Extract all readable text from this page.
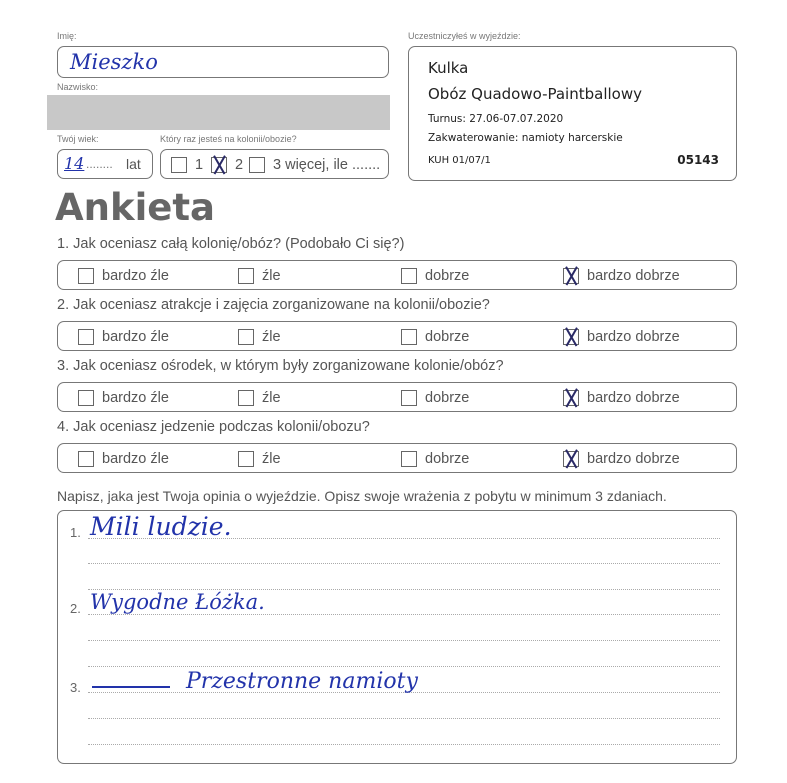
Imię:
Mieszko
Nazwisko:
Twój wiek:
14 ........ lat
Który raz jesteś na kolonii/obozie?
1 2 3 więcej, ile .......
Uczestniczyłeś w wyjeździe:
Kulka
Obóz Quadowo-Paintballowy
Turnus: 27.06-07.07.2020
Zakwaterowanie: namioty harcerskie
KUH 01/07/1	05143
Ankieta
1. Jak oceniasz całą kolonię/obóz? (Podobało Ci się?)
bardzo źle	źle	dobrze	bardzo dobrze
2. Jak oceniasz atrakcje i zajęcia zorganizowane na kolonii/obozie?
bardzo źle	źle	dobrze	bardzo dobrze
3. Jak oceniasz ośrodek, w którym były zorganizowane kolonie/obóz?
bardzo źle	źle	dobrze	bardzo dobrze
4. Jak oceniasz jedzenie podczas kolonii/obozu?
bardzo źle	źle	dobrze	bardzo dobrze
Napisz, jaka jest Twoja opinia o wyjeździe. Opisz swoje wrażenia z pobytu w minimum 3 zdaniach.
1. Mili ludzie.
2. Wygodne Łóżka.
3.	Przestronne namioty
